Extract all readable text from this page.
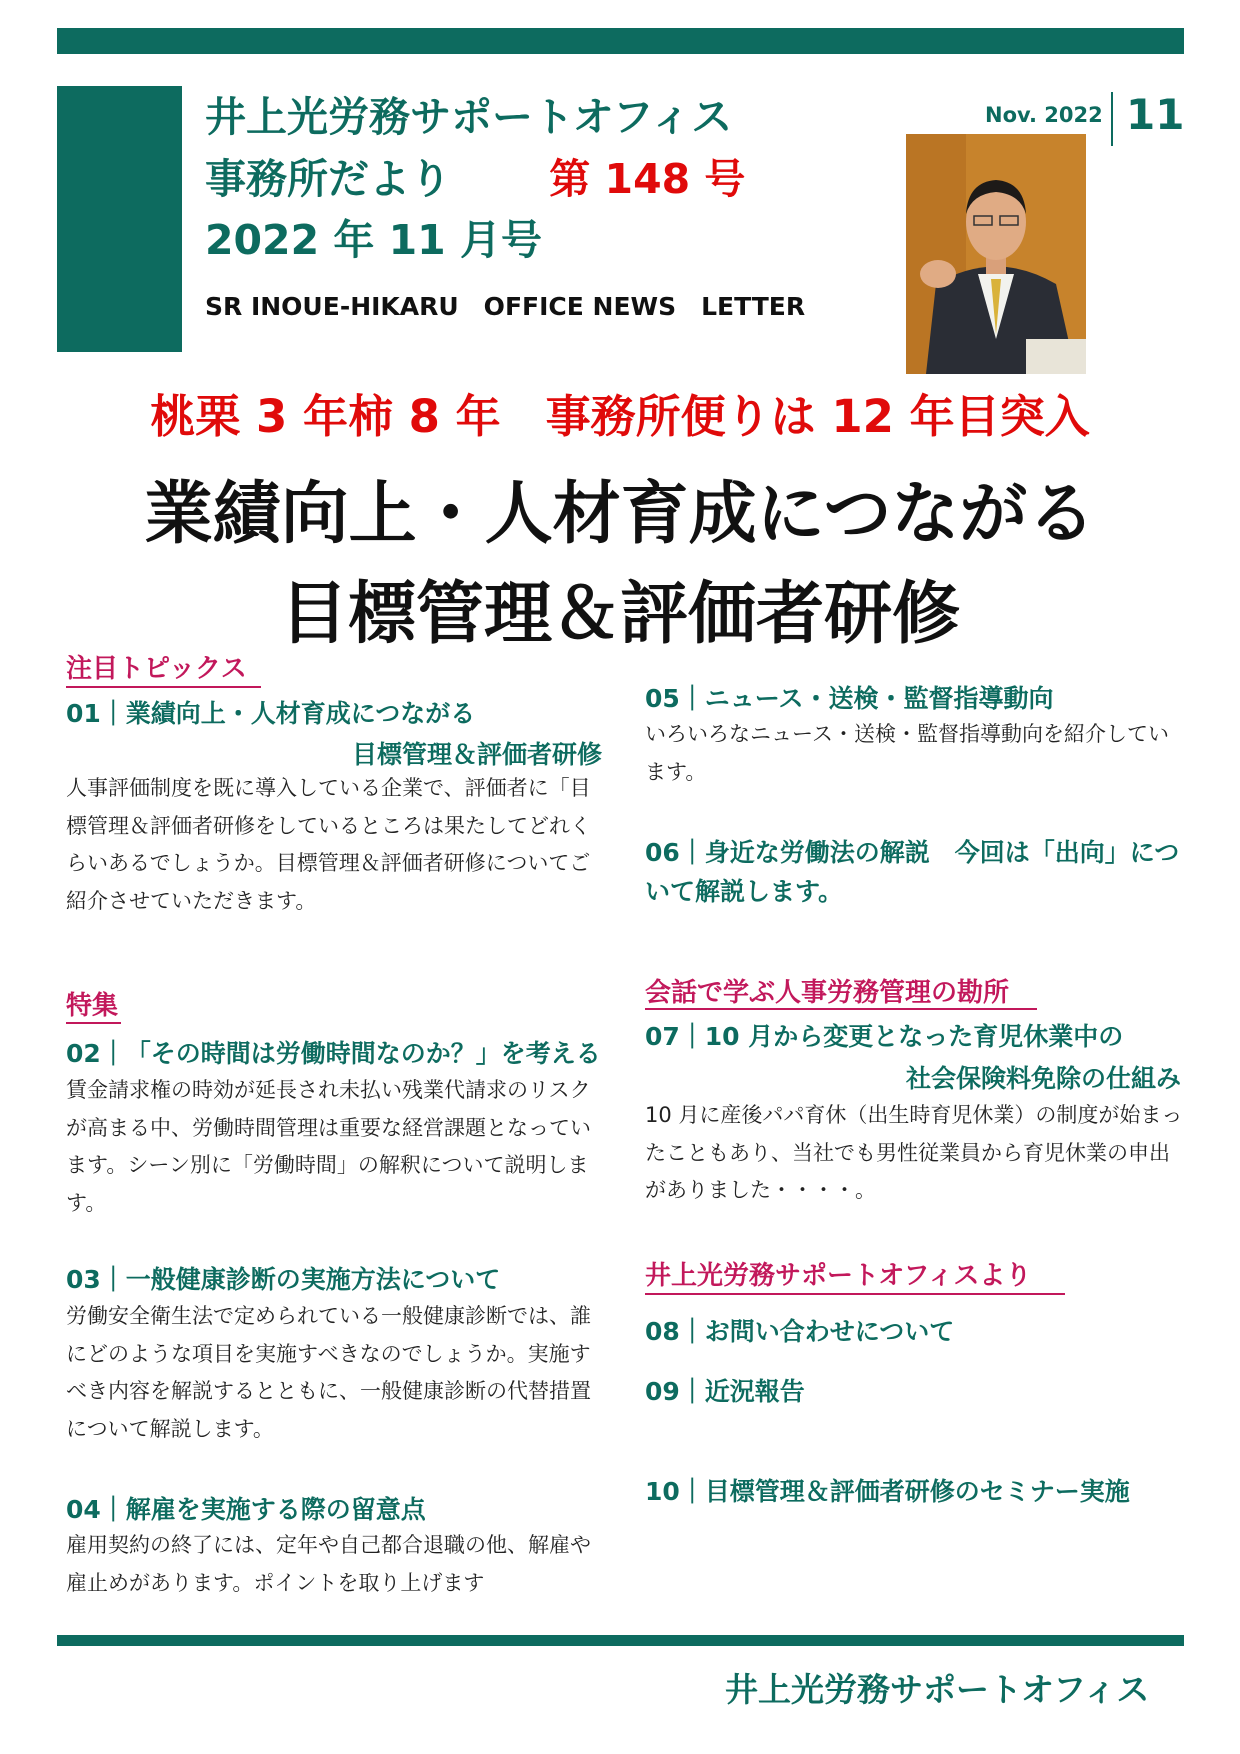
井上光労務サポートオフィス
事務所だより 第 148 号
2022 年 11 月号
SR INOUE-HIKARU　OFFICE NEWS　LETTER
Nov. 2022 11
桃栗 3 年柿 8 年　事務所便りは 12 年目突入
業績向上・人材育成につながる
目標管理＆評価者研修
注目トピックス
01｜業績向上・人材育成につながる
目標管理＆評価者研修
人事評価制度を既に導入している企業で、評価者に「目標管理＆評価者研修をしているところは果たしてどれくらいあるでしょうか。目標管理＆評価者研修についてご紹介させていただきます。
特集
02｜「その時間は労働時間なのか？」を考える
賃金請求権の時効が延長され未払い残業代請求のリスクが高まる中、労働時間管理は重要な経営課題となっています。シーン別に「労働時間」の解釈について説明します。
03｜一般健康診断の実施方法について
労働安全衛生法で定められている一般健康診断では、誰にどのような項目を実施すべきなのでしょうか。実施すべき内容を解説するとともに、一般健康診断の代替措置について解説します。
04｜解雇を実施する際の留意点
雇用契約の終了には、定年や自己都合退職の他、解雇や雇止めがあります。ポイントを取り上げます
05｜ニュース・送検・監督指導動向
いろいろなニュース・送検・監督指導動向を紹介しています。
06｜身近な労働法の解説　今回は「出向」につ
いて解説します。
会話で学ぶ人事労務管理の勘所
07｜10 月から変更となった育児休業中の
社会保険料免除の仕組み
10 月に産後パパ育休（出生時育児休業）の制度が始まったこともあり、当社でも男性従業員から育児休業の申出がありました・・・・。
井上光労務サポートオフィスより
08｜お問い合わせについて
09｜近況報告
10｜目標管理＆評価者研修のセミナー実施
井上光労務サポートオフィス
